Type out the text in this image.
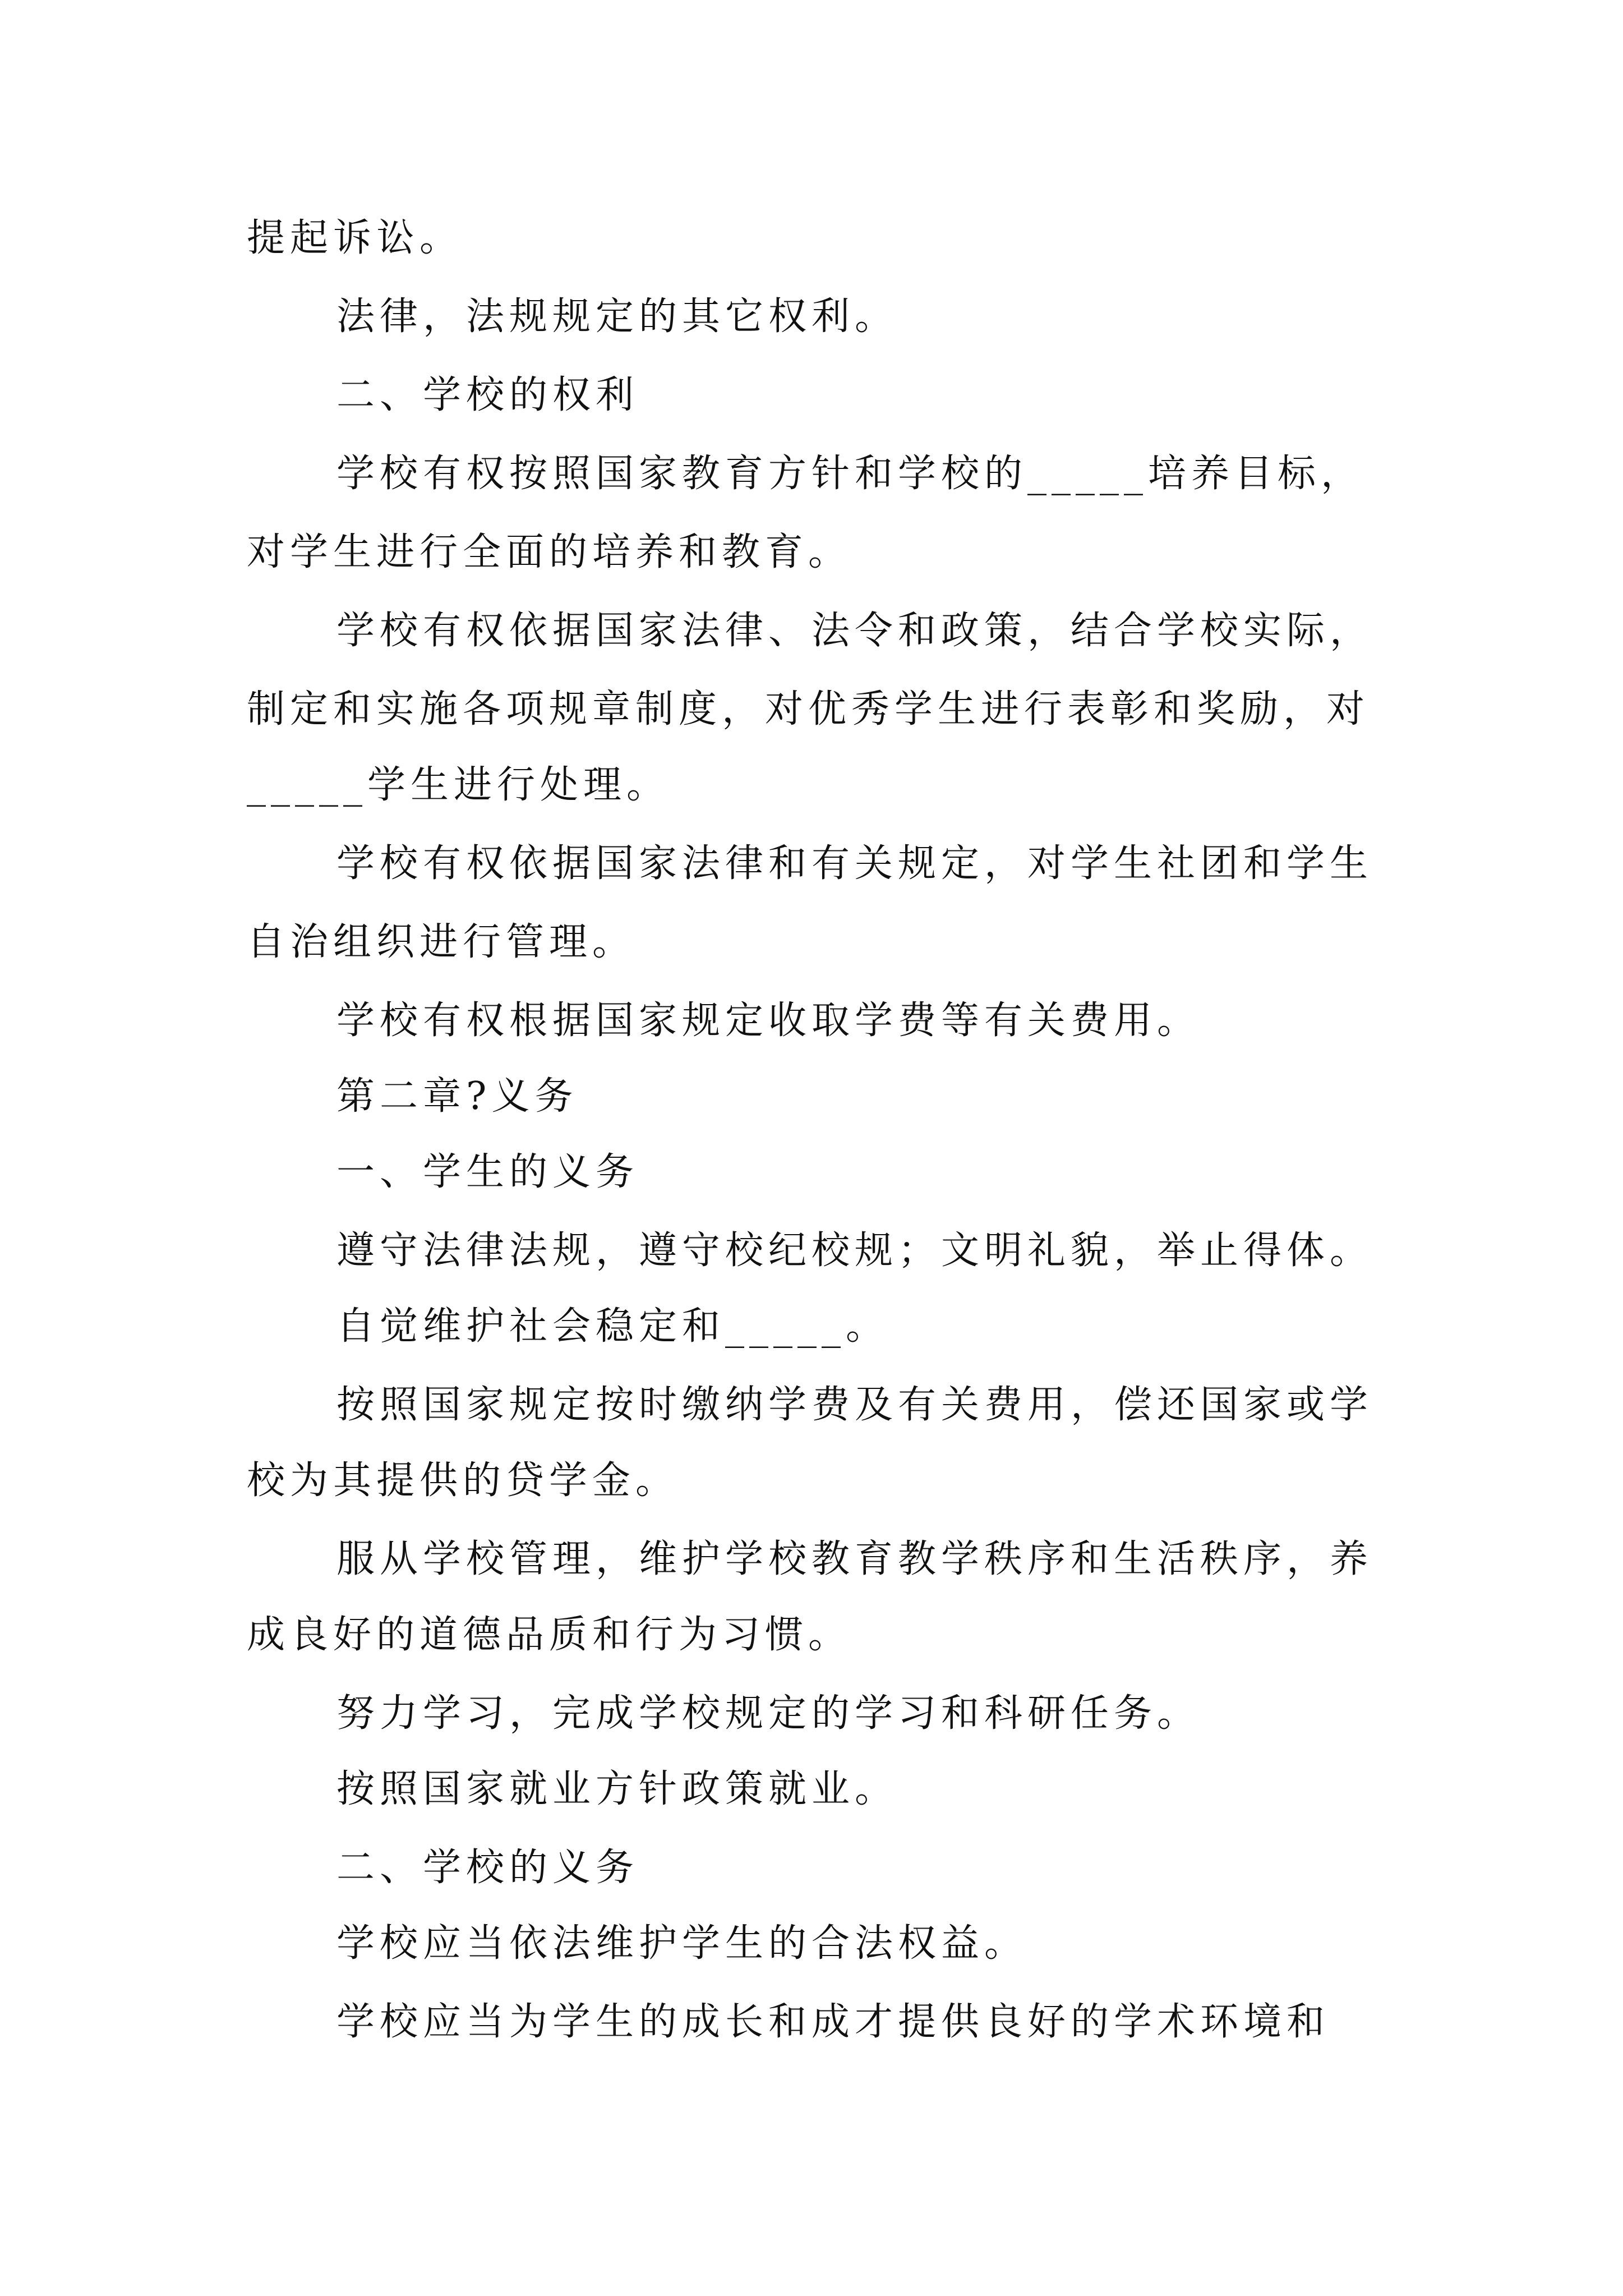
提起诉讼。
法律，法规规定的其它权利。
二、学校的权利
学校有权按照国家教育方针和学校的_____培养目标，
对学生进行全面的培养和教育。
学校有权依据国家法律、法令和政策，结合学校实际，
制定和实施各项规章制度，对优秀学生进行表彰和奖励，对
_____学生进行处理。
学校有权依据国家法律和有关规定，对学生社团和学生
自治组织进行管理。
学校有权根据国家规定收取学费等有关费用。
第二章?义务
一、学生的义务
遵守法律法规，遵守校纪校规；文明礼貌，举止得体。
自觉维护社会稳定和_____。
按照国家规定按时缴纳学费及有关费用，偿还国家或学
校为其提供的贷学金。
服从学校管理，维护学校教育教学秩序和生活秩序，养
成良好的道德品质和行为习惯。
努力学习，完成学校规定的学习和科研任务。
按照国家就业方针政策就业。
二、学校的义务
学校应当依法维护学生的合法权益。
学校应当为学生的成长和成才提供良好的学术环境和
